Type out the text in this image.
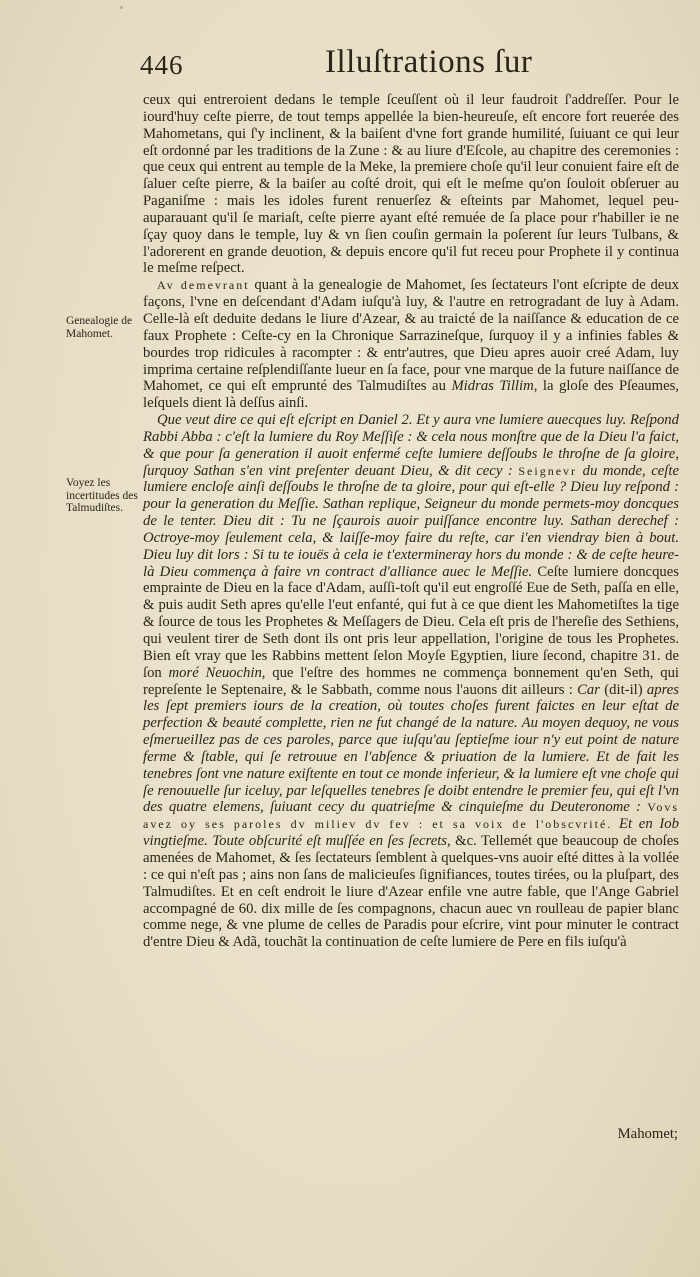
446	Illuſtrations ſur
Genealogie de Mahomet.
Voyez les incertitudes des Talmudiſtes.

ceux qui entreroient dedans le temple ſceuſſent où il leur faudroit ſ'addreſſer. Pour le iourd'huy ceſte pierre, de tout temps appellée la bien-heureuſe, eſt encore fort reuerée des Mahometans, qui ſ'y inclinent, & la baiſent d'vne fort grande humilité, ſuiuant ce qui leur eſt ordonné par les traditions de la Zune : & au liure d'Eſcole, au chapitre des ceremonies : que ceux qui entrent au temple de la Meke, la premiere choſe qu'il leur conuient faire eſt de ſaluer ceſte pierre, & la baiſer au coſté droit, qui eſt le meſme qu'on ſouloit obſeruer au Paganiſme : mais les idoles furent renuerſez & eſteints par Mahomet, lequel peu-auparauant qu'il ſe mariaſt, ceſte pierre ayant eſté remuée de ſa place pour r'habiller ie ne ſçay quoy dans le temple, luy & vn ſien couſin germain la poſerent ſur leurs Tulbans, & l'adorerent en grande deuotion, & depuis encore qu'il fut receu pour Prophete il y continua le meſme reſpect.

Av demevrant quant à la genealogie de Mahomet, ſes ſectateurs l'ont eſcripte de deux façons, l'vne en deſcendant d'Adam iuſqu'à luy, & l'autre en retrogradant de luy à Adam. Celle-là eſt deduite dedans le liure d'Azear, & au traicté de la naiſſance & education de ce faux Prophete : Ceſte-cy en la Chronique Sarrazineſque, ſurquoy il y a infinies fables & bourdes trop ridicules à racompter : & entr'autres, que Dieu apres auoir creé Adam, luy imprima certaine reſplendiſſante lueur en ſa face, pour vne marque de la future naiſſance de Mahomet, ce qui eſt emprunté des Talmudiſtes au Midras Tillim, la gloſe des Pſeaumes, leſquels dient là deſſus ainſi.

Que veut dire ce qui eſt eſcript en Daniel 2. Et y aura vne lumiere auecques luy. Reſpond Rabbi Abba : c'eſt la lumiere du Roy Meſſiſe : & cela nous monſtre que de la Dieu l'a faict, & que pour ſa generation il auoit enfermé ceſte lumiere deſſoubs le throſne de ſa gloire, ſurquoy Sathan s'en vint preſenter deuant Dieu, & dit cecy : Seignevr du monde, ceſte lumiere encloſe ainſi deſſoubs le throſne de ta gloire, pour qui eſt-elle ? Dieu luy reſpond : pour la generation du Meſſie. Sathan replique, Seigneur du monde permets-moy doncques de le tenter. Dieu dit : Tu ne ſçaurois auoir puiſſance encontre luy. Sathan derechef : Octroye-moy ſeulement cela, & laiſſe-moy faire du reſte, car i'en viendray bien à bout. Dieu luy dit lors : Si tu te iouës à cela ie t'extermineray hors du monde : & de ceſte heure-là Dieu commença à faire vn contract d'alliance auec le Meſſie. Ceſte lumiere doncques emprainte de Dieu en la face d'Adam, auſſi-toſt qu'il eut engroſſé Eue de Seth, paſſa en elle, & puis audit Seth apres qu'elle l'eut enfanté, qui fut à ce que dient les Mahometiſtes la tige & ſource de tous les Prophetes & Meſſagers de Dieu. Cela eſt pris de l'hereſie des Sethiens, qui veulent tirer de Seth dont ils ont pris leur appellation, l'origine de tous les Prophetes. Bien eſt vray que les Rabbins mettent ſelon Moyſe Egyptien, liure ſecond, chapitre 31. de ſon moré Neuochin, que l'eſtre des hommes ne commença bonnement qu'en Seth, qui repreſente le Septenaire, & le Sabbath, comme nous l'auons dit ailleurs : Car (dit-il) apres les ſept premiers iours de la creation, où toutes choſes furent faictes en leur eſtat de perfection & beauté complette, rien ne fut changé de la nature. Au moyen dequoy, ne vous eſmerueillez pas de ces paroles, parce que iuſqu'au ſeptieſme iour n'y eut point de nature ferme & ſtable, qui ſe retrouue en l'abſence & priuation de la lumiere. Et de fait les tenebres ſont vne nature exiſtente en tout ce monde inferieur, & la lumiere eſt vne choſe qui ſe renouuelle ſur iceluy, par leſquelles tenebres ſe doibt entendre le premier feu, qui eſt l'vn des quatre elemens, ſuiuant cecy du quatrieſme & cinquieſme du Deuteronome : Vovs avez oy ses paroles dv miliev dv fev : et sa voix de l'obscvrité. Et en Iob vingtieſme. Toute obſcurité eſt muſſée en ſes ſecrets, &c. Tellemét que beaucoup de choſes amenées de Mahomet, & ſes ſectateurs ſemblent à quelques-vns auoir eſté dittes à la vollée : ce qui n'eſt pas ; ains non ſans de malicieuſes ſignifiances, toutes tirées, ou la pluſpart, des Talmudiſtes. Et en ceſt endroit le liure d'Azear enfile vne autre fable, que l'Ange Gabriel accompagné de 60. dix mille de ſes compagnons, chacun auec vn roulleau de papier blanc comme nege, & vne plume de celles de Paradis pour eſcrire, vint pour minuter le contract d'entre Dieu & Adã, touchãt la continuation de ceſte lumiere de Pere en fils iuſqu'à

Mahomet;
